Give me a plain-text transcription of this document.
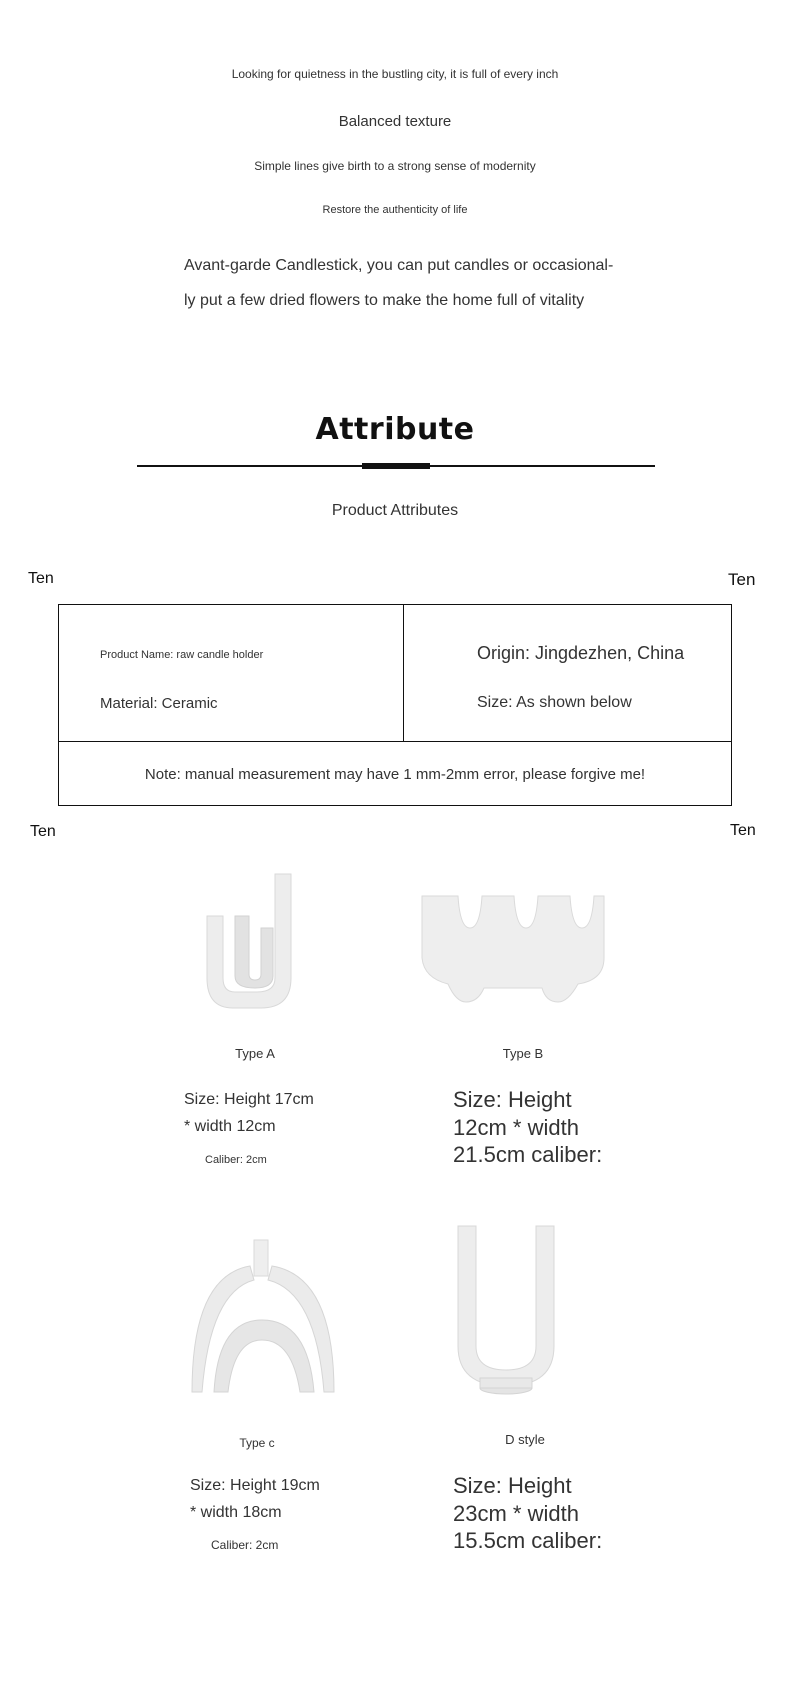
Looking for quietness in the bustling city, it is full of every inch
Balanced texture
Simple lines give birth to a strong sense of modernity
Restore the authenticity of life
Avant-garde Candlestick, you can put candles or occasional-
ly put a few dried flowers to make the home full of vitality
Attribute
Product Attributes
Ten	Ten
Ten	Ten
Product Name: raw candle holder
Material: Ceramic
Origin: Jingdezhen, China
Size: As shown below
Note: manual measurement may have 1 mm-2mm error, please forgive me!
Type A
Size: Height 17cm
* width 12cm
Caliber: 2cm
Type B
Size: Height
12cm * width
21.5cm caliber:
Type c
Size: Height 19cm
* width 18cm
Caliber: 2cm
D style
Size: Height
23cm * width
15.5cm caliber:
